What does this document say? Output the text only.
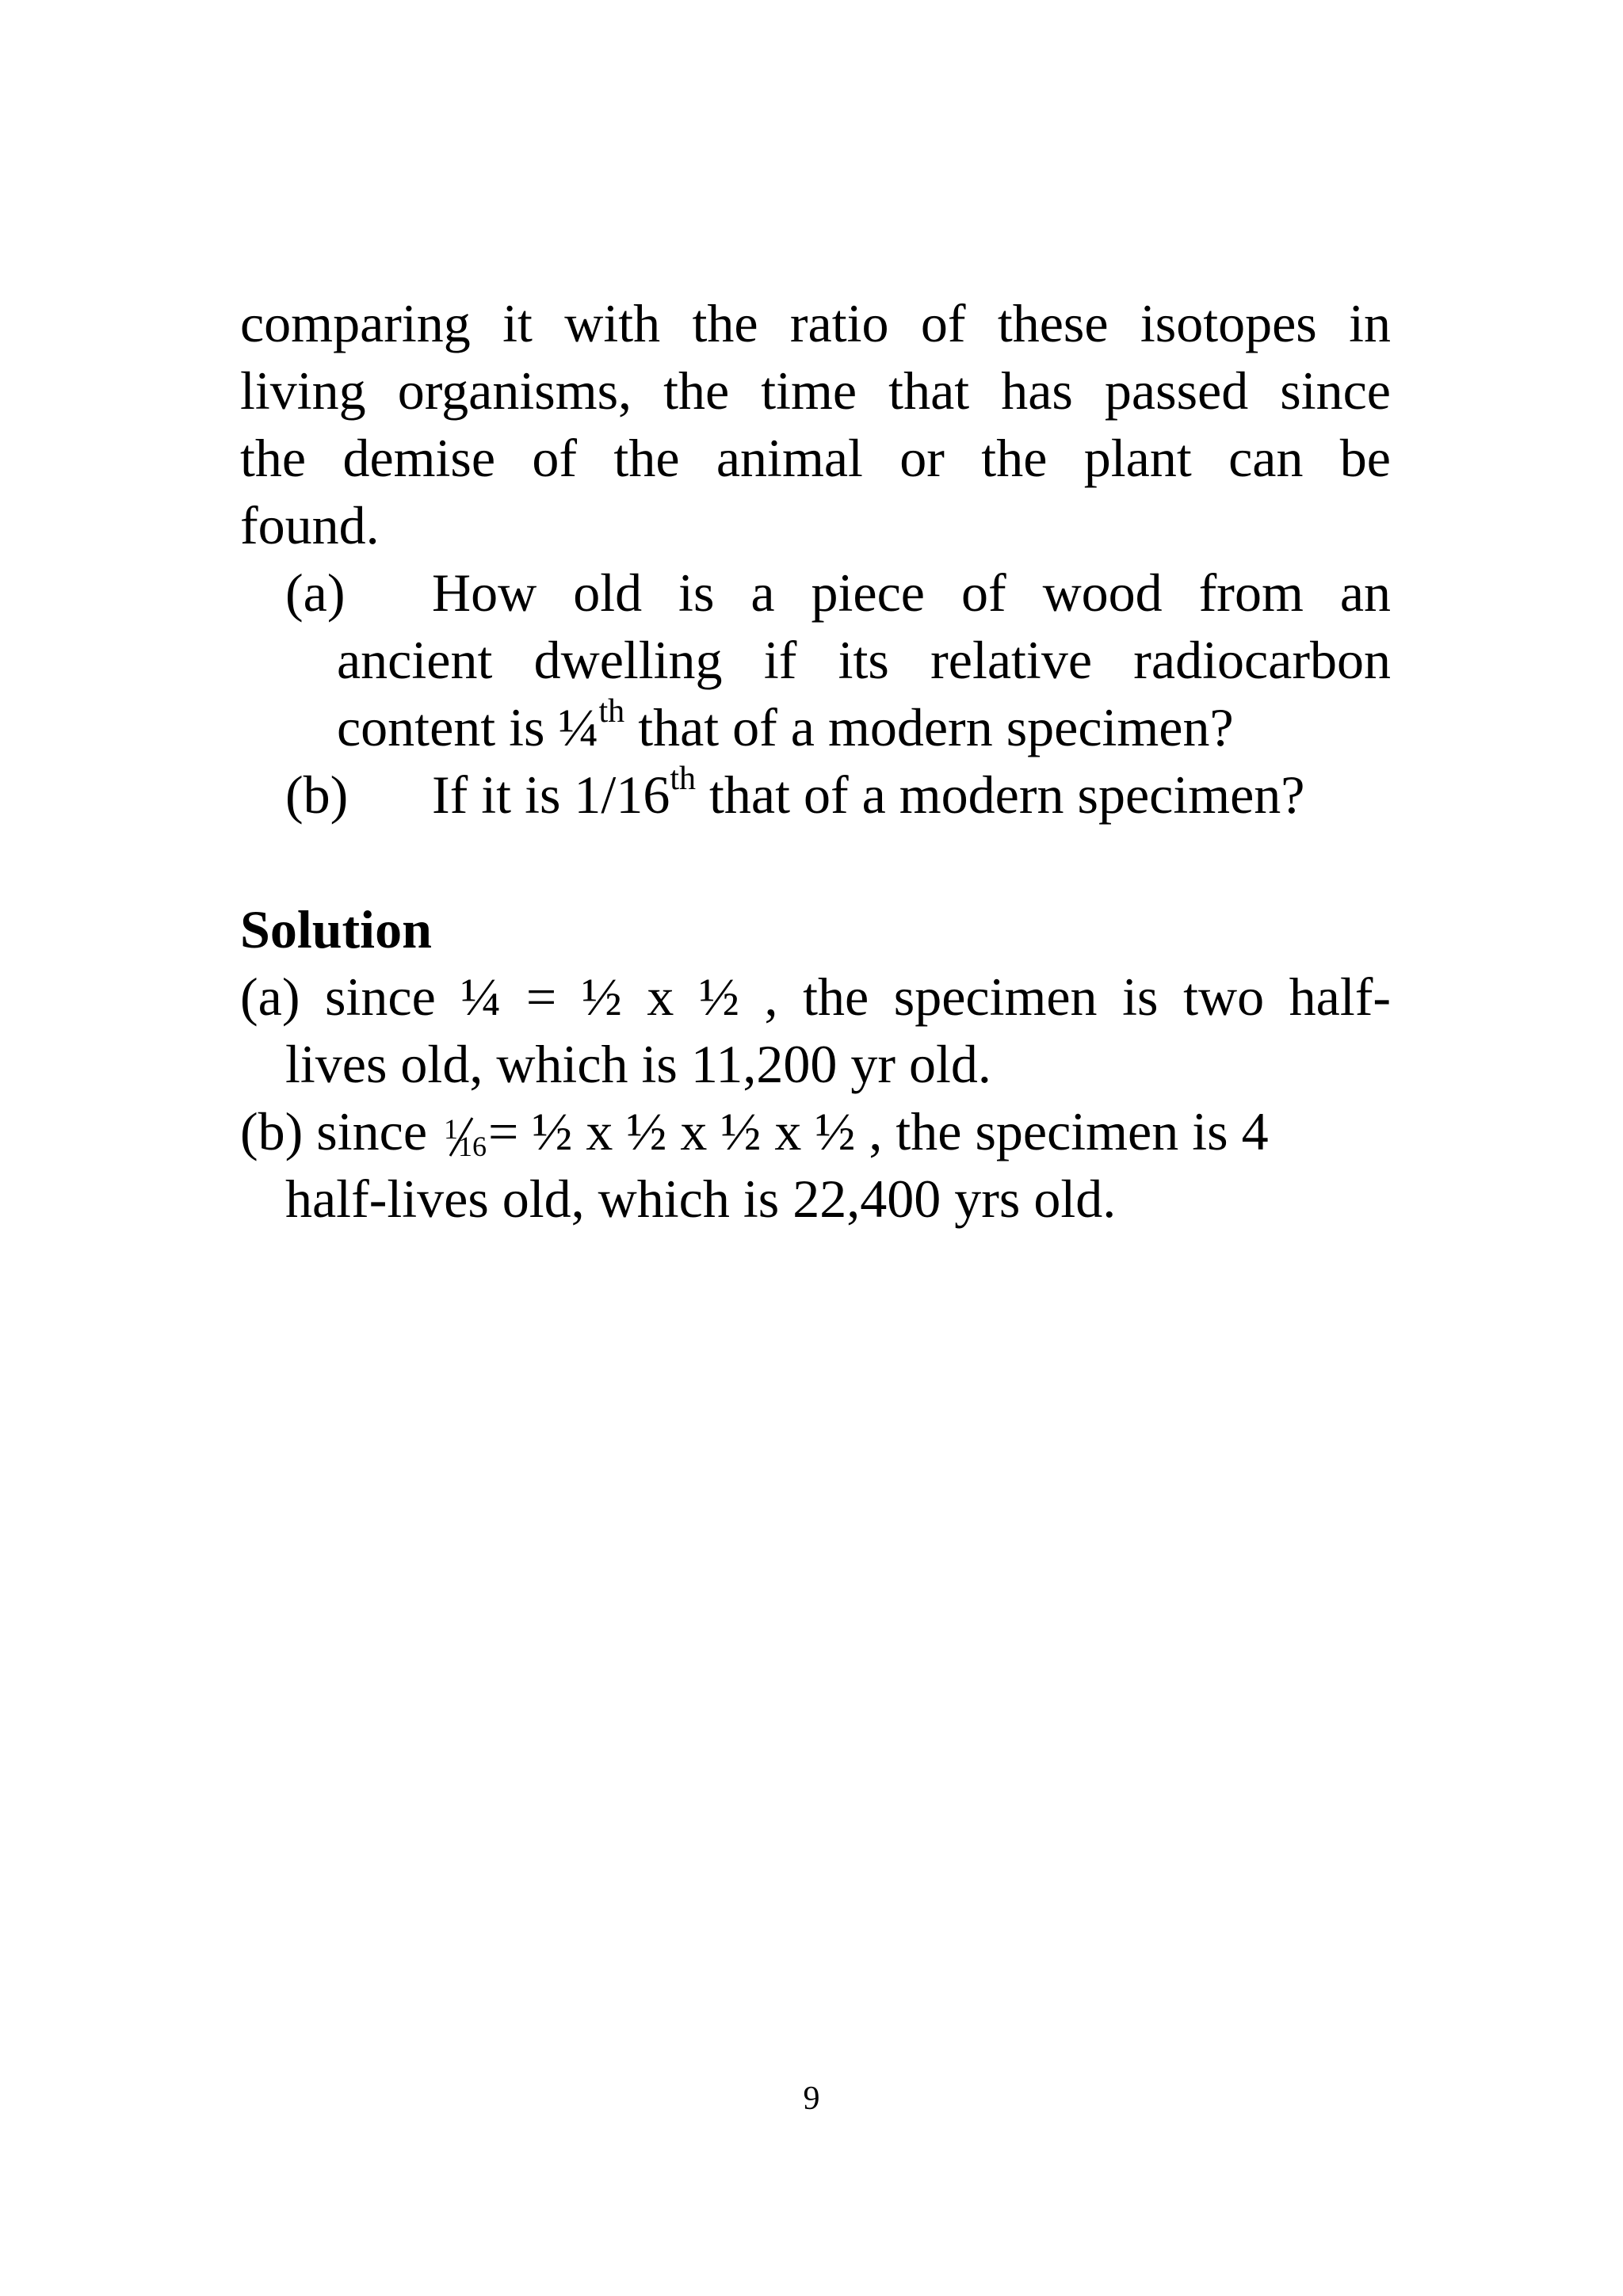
comparing it with the ratio of these isotopes in
living organisms, the time that has passed since
the demise of the animal or the plant can be
found.
(a) How old is a piece of wood from an
ancient dwelling if its relative radiocarbon
content is ¼$^{th}$ that of a modern specimen?
(b) If it is 1/16th that of a modern specimen?
Solution
(a) since ¼ = ½ x ½ , the specimen is two half-
lives old, which is 11,200 yr old.
(b) since 1
16 = ½ x ½ x ½ x ½ , the specimen is 4
half-lives old, which is 22,400 yrs old.
9
